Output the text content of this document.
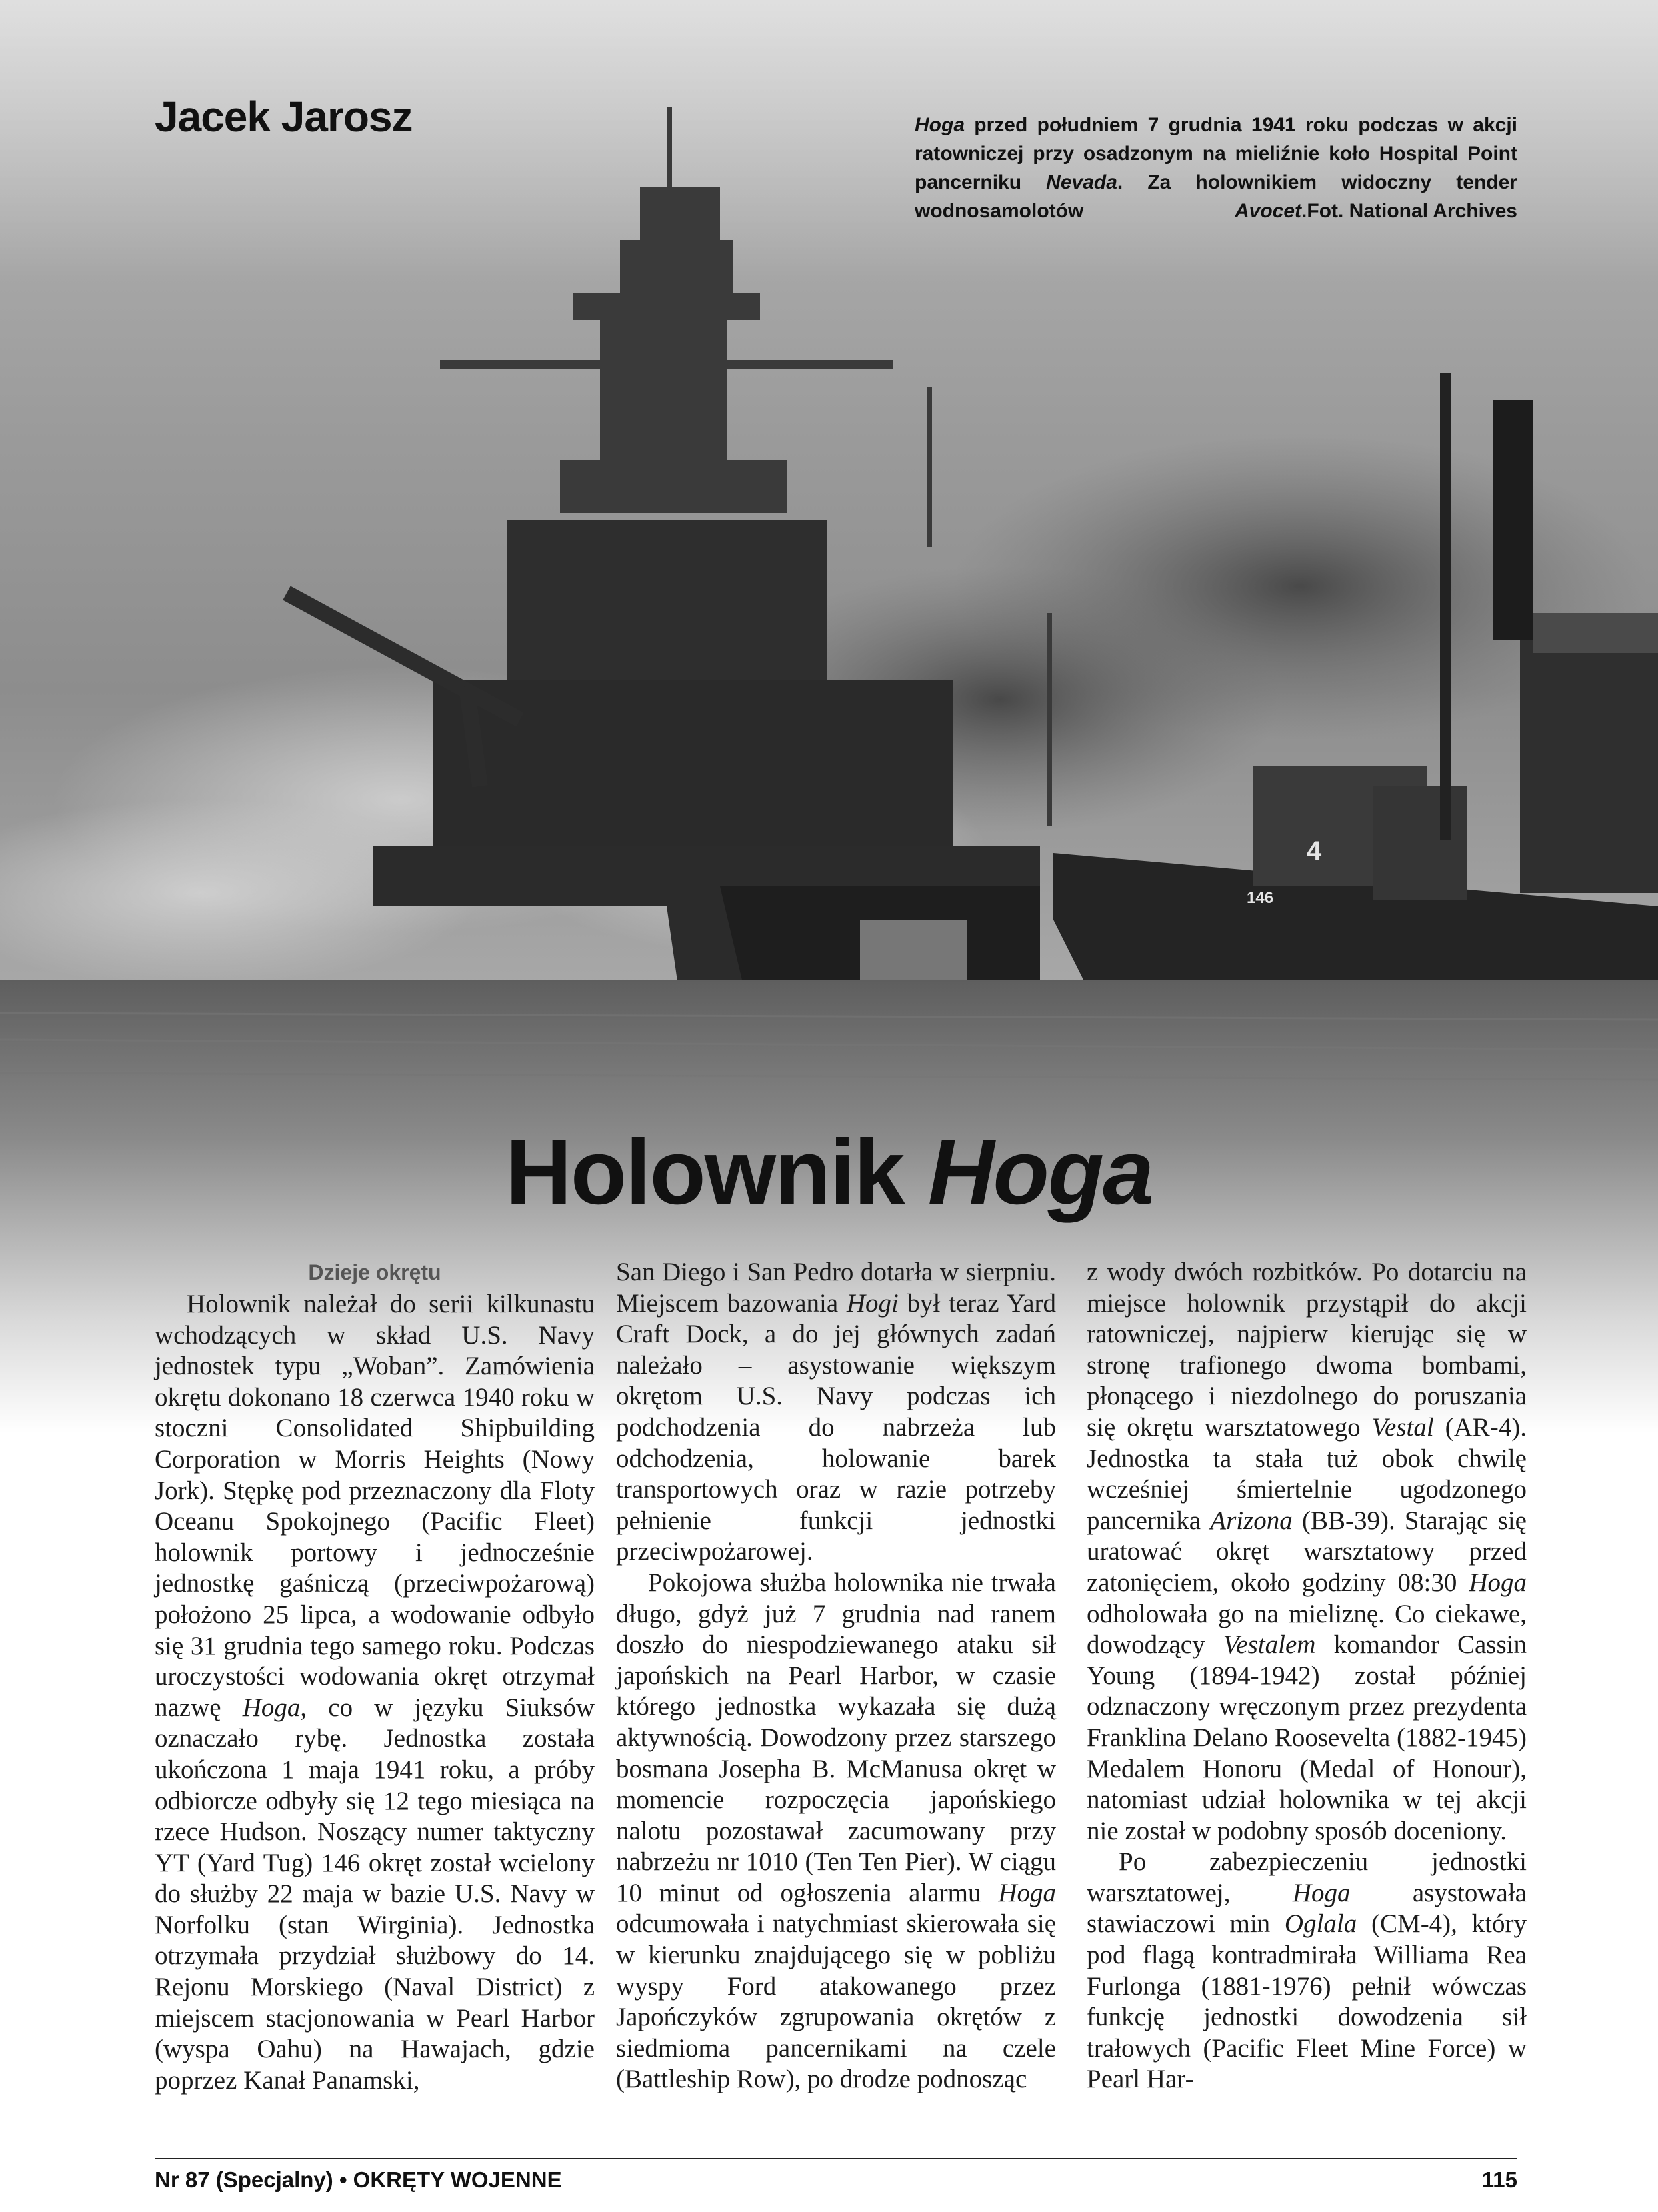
4
146
Jacek Jarosz	Hoga przed południem 7 grudnia 1941 roku podczas w akcji ratowniczej przy osadzonym na mieliźnie koło Hospital Point pancerniku Nevada. Za holownikiem widoczny tender wodnosamolotów Avocet. Fot. National Archives
Holownik Hoga
Dzieje okrętu

Holownik należał do serii kilkunastu wchodzących w skład U.S. Navy jednostek typu „Woban”. Zamówienia okrętu dokonano 18 czerwca 1940 roku w stoczni Consolidated Shipbuilding Corporation w Morris Heights (Nowy Jork). Stępkę pod przeznaczony dla Floty Oceanu Spokojnego (Pacific Fleet) holownik portowy i jednocześnie jednostkę gaśniczą (przeciwpożarową) położono 25 lipca, a wodowanie odbyło się 31 grudnia tego samego roku. Podczas uroczystości wodowania okręt otrzymał nazwę Hoga, co w języku Siuksów oznaczało rybę. Jednostka została ukończona 1 maja 1941 roku, a próby odbiorcze odbyły się 12 tego miesiąca na rzece Hudson. Noszący numer taktyczny YT (Yard Tug) 146 okręt został wcielony do służby 22 maja w bazie U.S. Navy w Norfolku (stan Wirginia). Jednostka otrzymała przydział służbowy do 14. Rejonu Morskiego (Naval District) z miejscem stacjonowania w Pearl Harbor (wyspa Oahu) na Hawajach, gdzie poprzez Kanał Panamski,

San Diego i San Pedro dotarła w sierpniu. Miejscem bazowania Hogi był teraz Yard Craft Dock, a do jej głównych zadań należało – asystowanie większym okrętom U.S. Navy podczas ich podchodzenia do nabrzeża lub odchodzenia, holowanie barek transportowych oraz w razie potrzeby pełnienie funkcji jednostki przeciwpożarowej.

Pokojowa służba holownika nie trwała długo, gdyż już 7 grudnia nad ranem doszło do niespodziewanego ataku sił japońskich na Pearl Harbor, w czasie którego jednostka wykazała się dużą aktywnością. Dowodzony przez starszego bosmana Josepha B. McManusa okręt w momencie rozpoczęcia japońskiego nalotu pozostawał zacumowany przy nabrzeżu nr 1010 (Ten Ten Pier). W ciągu 10 minut od ogłoszenia alarmu Hoga odcumowała i natychmiast skierowała się w kierunku znajdującego się w pobliżu wyspy Ford atakowanego przez Japończyków zgrupowania okrętów z siedmioma pancernikami na czele (Battleship Row), po drodze podnosząc

z wody dwóch rozbitków. Po dotarciu na miejsce holownik przystąpił do akcji ratowniczej, najpierw kierując się w stronę trafionego dwoma bombami, płonącego i niezdolnego do poruszania się okrętu warsztatowego Vestal (AR-4). Jednostka ta stała tuż obok chwilę wcześniej śmiertelnie ugodzonego pancernika Arizona (BB-39). Starając się uratować okręt warsztatowy przed zatonięciem, około godziny 08:30 Hoga odholowała go na mieliznę. Co ciekawe, dowodzący Vestalem komandor Cassin Young (1894-1942) został później odznaczony wręczonym przez prezydenta Franklina Delano Roosevelta (1882-1945) Medalem Honoru (Medal of Honour), natomiast udział holownika w tej akcji nie został w podobny sposób doceniony.

Po zabezpieczeniu jednostki warsztatowej, Hoga asystowała stawiaczowi min Oglala (CM-4), który pod flagą kontradmirała Williama Rea Furlonga (1881-1976) pełnił wówczas funkcję jednostki dowodzenia sił trałowych (Pacific Fleet Mine Force) w Pearl Har-

Nr 87 (Specjalny) • OKRĘTY WOJENNE	115
